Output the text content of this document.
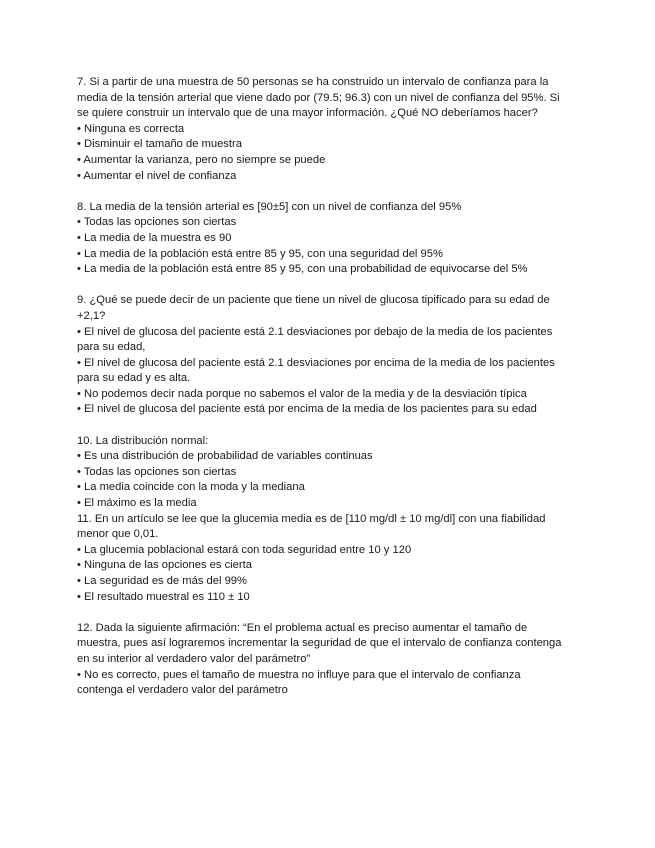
7. Si a partir de una muestra de 50 personas se ha construido un intervalo de confianza para la media de la tensión arterial que viene dado por (79.5; 96.3) con un nivel de confianza del 95%. Si se quiere construir un intervalo que de una mayor información. ¿Qué NO deberíamos hacer?
• Ninguna es correcta
• Disminuir el tamaño de muestra
• Aumentar la varianza, pero no siempre se puede
• Aumentar el nivel de confianza
8. La media de la tensión arterial es [90±5] con un nivel de confianza del 95%
• Todas las opciones son ciertas
• La media de la muestra es 90
• La media de la población está entre 85 y 95, con una seguridad del 95%
• La media de la población está entre 85 y 95, con una probabilidad de equivocarse del 5%
9. ¿Qué se puede decir de un paciente que tiene un nivel de glucosa tipificado para su edad de +2,1?
• El nivel de glucosa del paciente está 2.1 desviaciones por debajo de la media de los pacientes para su edad,
• El nivel de glucosa del paciente está 2.1 desviaciones por encima de la media de los pacientes para su edad y es alta.
• No podemos decir nada porque no sabemos el valor de la media y de la desviación típica
• El nivel de glucosa del paciente está por encima de la media de los pacientes para su edad
10. La distribución normal:
• Es una distribución de probabilidad de variables continuas
• Todas las opciones son ciertas
• La media coincide con la moda y la mediana
• El máximo es la media
11. En un artículo se lee que la glucemia media es de [110 mg/dl ± 10 mg/dl] con una fiabilidad menor que 0,01.
• La glucemia poblacional estará con toda seguridad entre 10 y 120
• Ninguna de las opciones es cierta
• La seguridad es de más del 99%
• El resultado muestral es 110 ± 10
12. Dada la siguiente afirmación: “En el problema actual es preciso aumentar el tamaño de muestra, pues así lograremos incrementar la seguridad de que el intervalo de confianza contenga en su interior al verdadero valor del parámetro”
• No es correcto, pues el tamaño de muestra no influye para que el intervalo de confianza contenga el verdadero valor del parámetro
